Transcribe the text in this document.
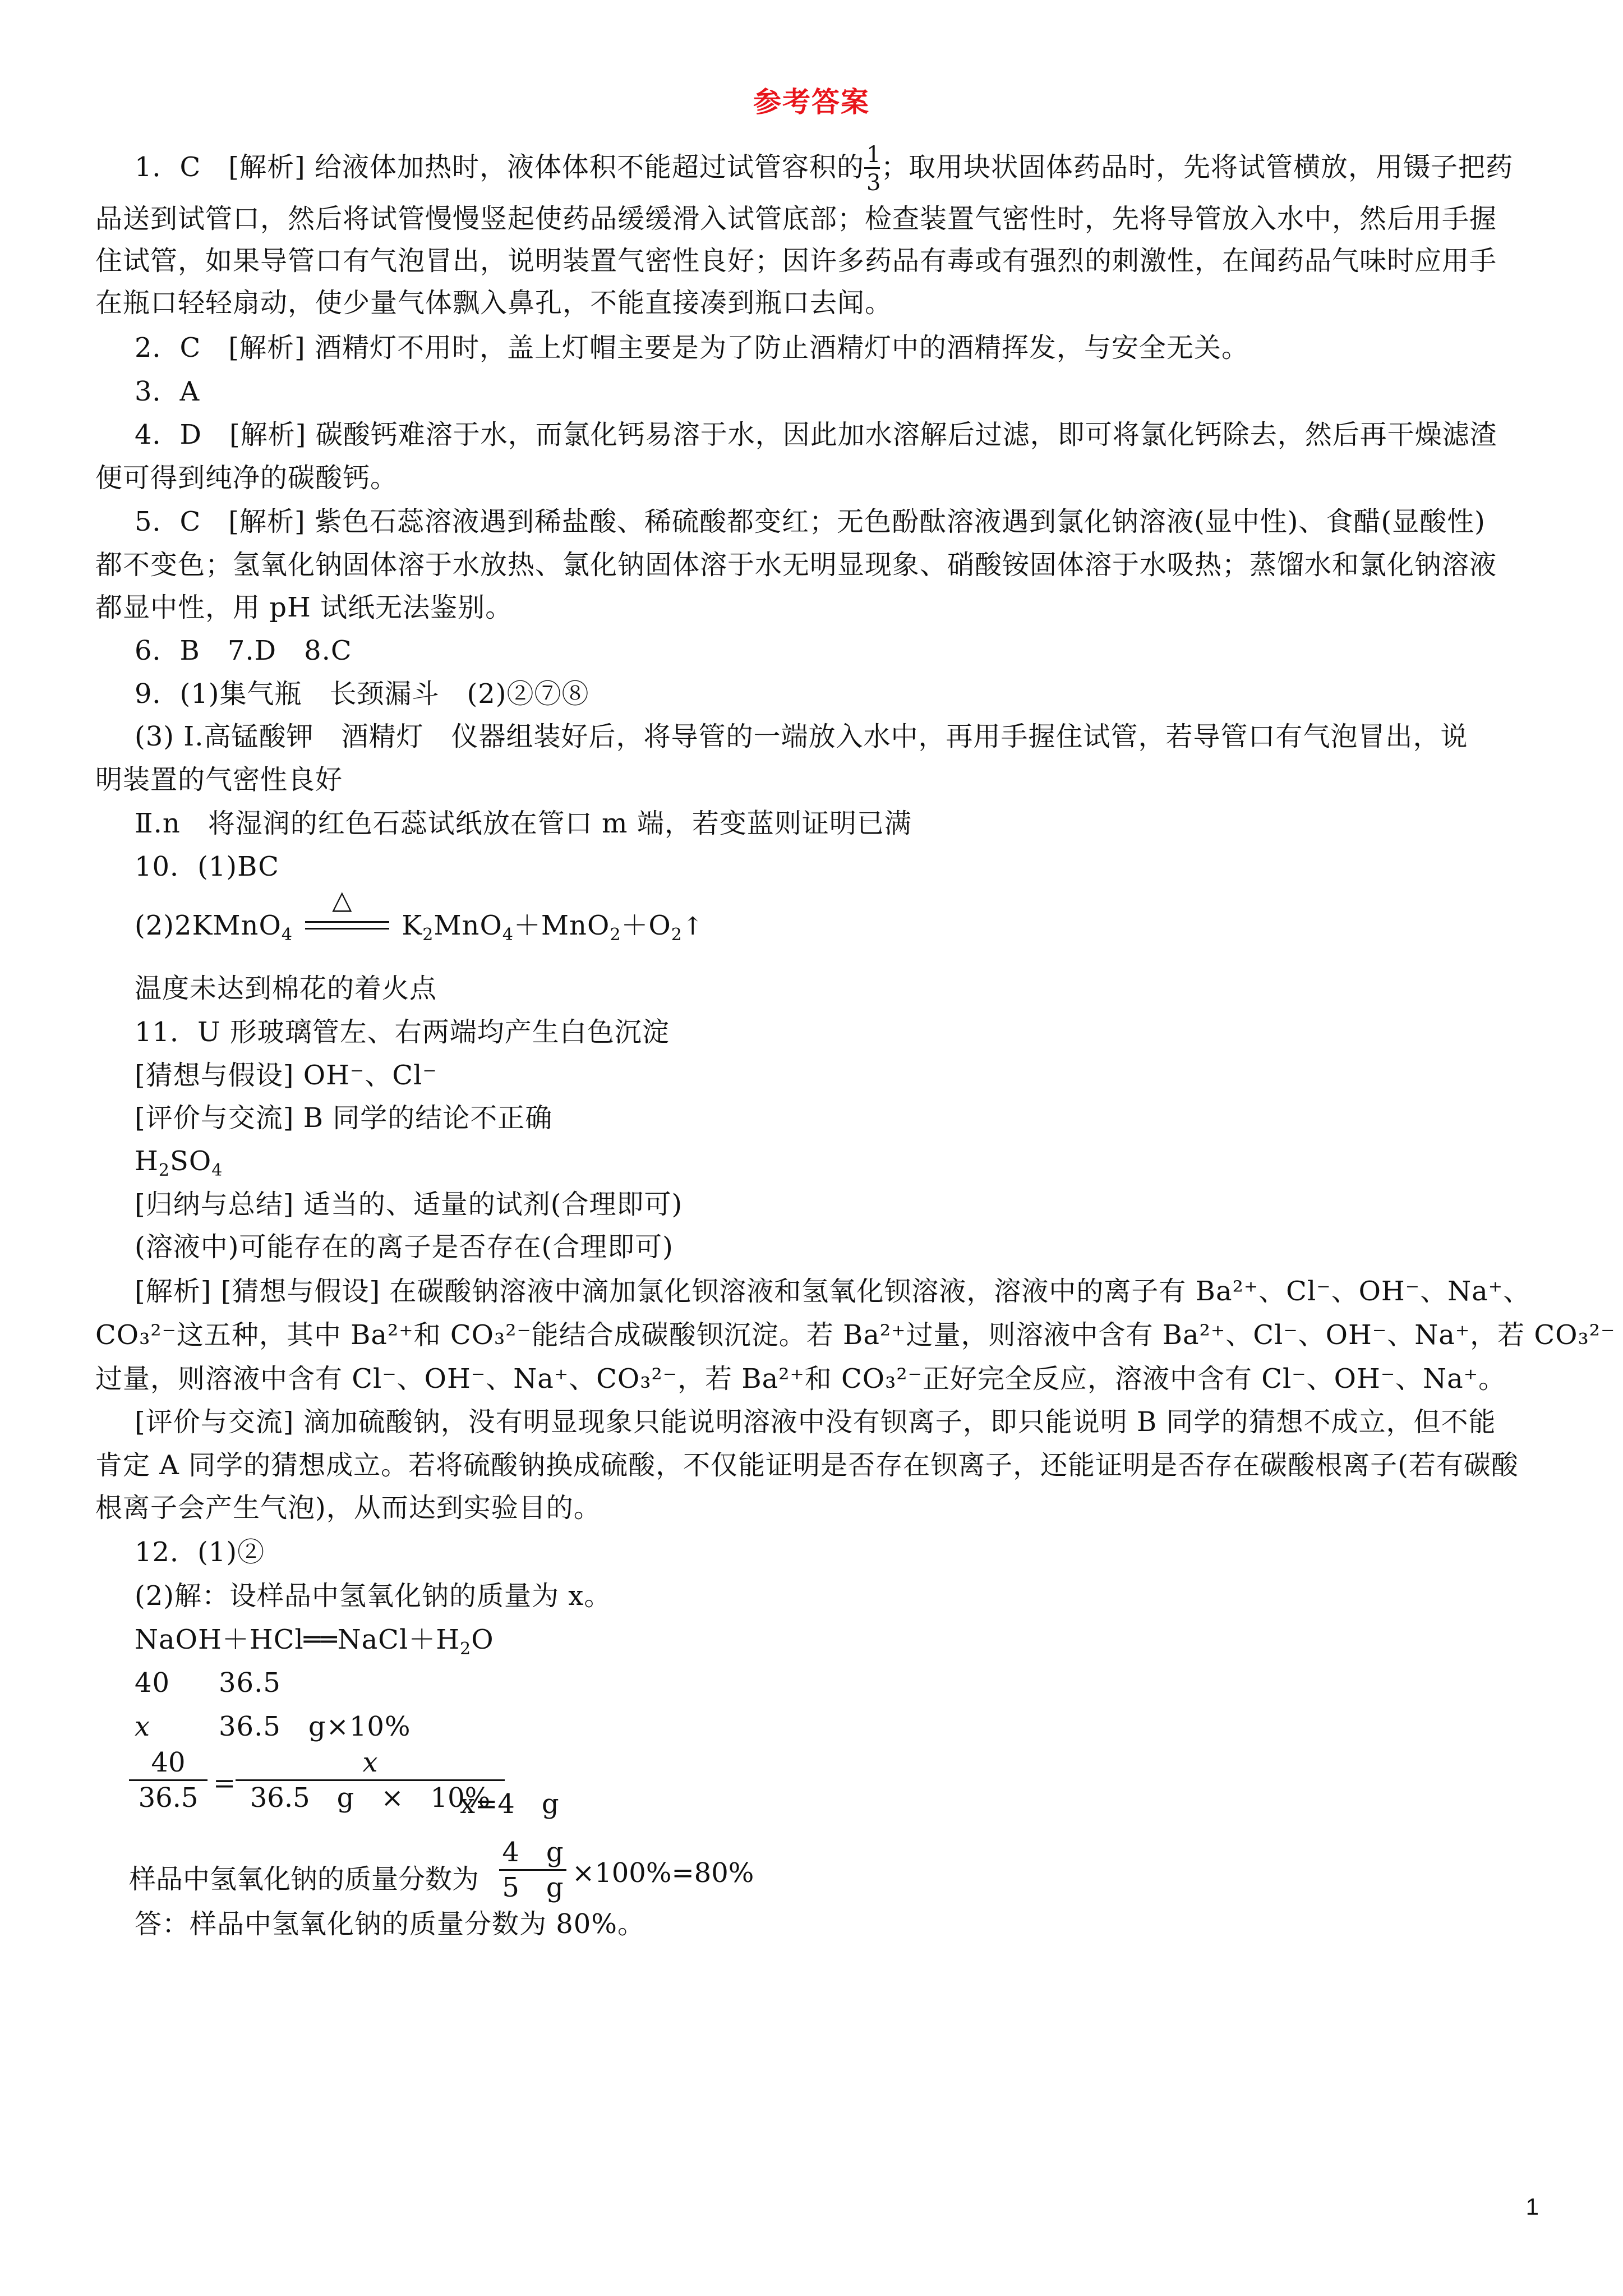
参考答案
1．C　[解析] 给液体加热时，液体体积不能超过试管容积的 $\frac{1}{3}$ ；取用块状固体药品时，先将试管横放，用镊子把药
品送到试管口，然后将试管慢慢竖起使药品缓缓滑入试管底部；检查装置气密性时，先将导管放入水中，然后用手握
住试管，如果导管口有气泡冒出，说明装置气密性良好；因许多药品有毒或有强烈的刺激性，在闻药品气味时应用手
在瓶口轻轻扇动，使少量气体飘入鼻孔，不能直接凑到瓶口去闻。
2．C　[解析] 酒精灯不用时，盖上灯帽主要是为了防止酒精灯中的酒精挥发，与安全无关。
3．A
4．D　[解析] 碳酸钙难溶于水，而氯化钙易溶于水，因此加水溶解后过滤，即可将氯化钙除去，然后再干燥滤渣
便可得到纯净的碳酸钙。
5．C　[解析] 紫色石蕊溶液遇到稀盐酸、稀硫酸都变红；无色酚酞溶液遇到氯化钠溶液(显中性)、食醋(显酸性)
都不变色；氢氧化钠固体溶于水放热、氯化钠固体溶于水无明显现象、硝酸铵固体溶于水吸热；蒸馏水和氯化钠溶液
都显中性，用 pH 试纸无法鉴别。
6．B　7.D　8.C
9．(1)集气瓶　长颈漏斗　(2)②⑦⑧
(3) Ⅰ.高锰酸钾　酒精灯　仪器组装好后，将导管的一端放入水中，再用手握住试管，若导管口有气泡冒出，说
明装置的气密性良好
Ⅱ.n　将湿润的红色石蕊试纸放在管口 m 端，若变蓝则证明已满
10．(1)BC
(2)2KMnO$_4$
△
$K_2MnO_4+MnO_2+O_2↑$
温度未达到棉花的着火点
11．U 形玻璃管左、右两端均产生白色沉淀
[猜想与假设] OH⁻、Cl⁻
[评价与交流] B 同学的结论不正确
$H_2SO_4$
[归纳与总结] 适当的、适量的试剂(合理即可)
(溶液中)可能存在的离子是否存在(合理即可)
[解析] [猜想与假设] 在碳酸钠溶液中滴加氯化钡溶液和氢氧化钡溶液，溶液中的离子有 Ba²⁺、Cl⁻、OH⁻、Na⁺、
CO₃²⁻这五种，其中 Ba²⁺和 CO₃²⁻能结合成碳酸钡沉淀。若 Ba²⁺过量，则溶液中含有 Ba²⁺、Cl⁻、OH⁻、Na⁺，若 CO₃²⁻
过量，则溶液中含有 Cl⁻、OH⁻、Na⁺、CO₃²⁻，若 Ba²⁺和 CO₃²⁻正好完全反应，溶液中含有 Cl⁻、OH⁻、Na⁺。
[评价与交流] 滴加硫酸钠，没有明显现象只能说明溶液中没有钡离子，即只能说明 B 同学的猜想不成立，但不能
肯定 A 同学的猜想成立。若将硫酸钠换成硫酸，不仅能证明是否存在钡离子，还能证明是否存在碳酸根离子(若有碳酸
根离子会产生气泡)，从而达到实验目的。
12．(1)②
(2)解：设样品中氢氧化钠的质量为 x。
$NaOH+HCl══NaCl+H_2O$
40 36.5
x	36.5　g×10%
40
36.5 =
x
36.5　g　×　10%
x=4　g
样品中氢氧化钠的质量分数为
4　g
5　g ×100%=80%
答：样品中氢氧化钠的质量分数为 80%。
1
